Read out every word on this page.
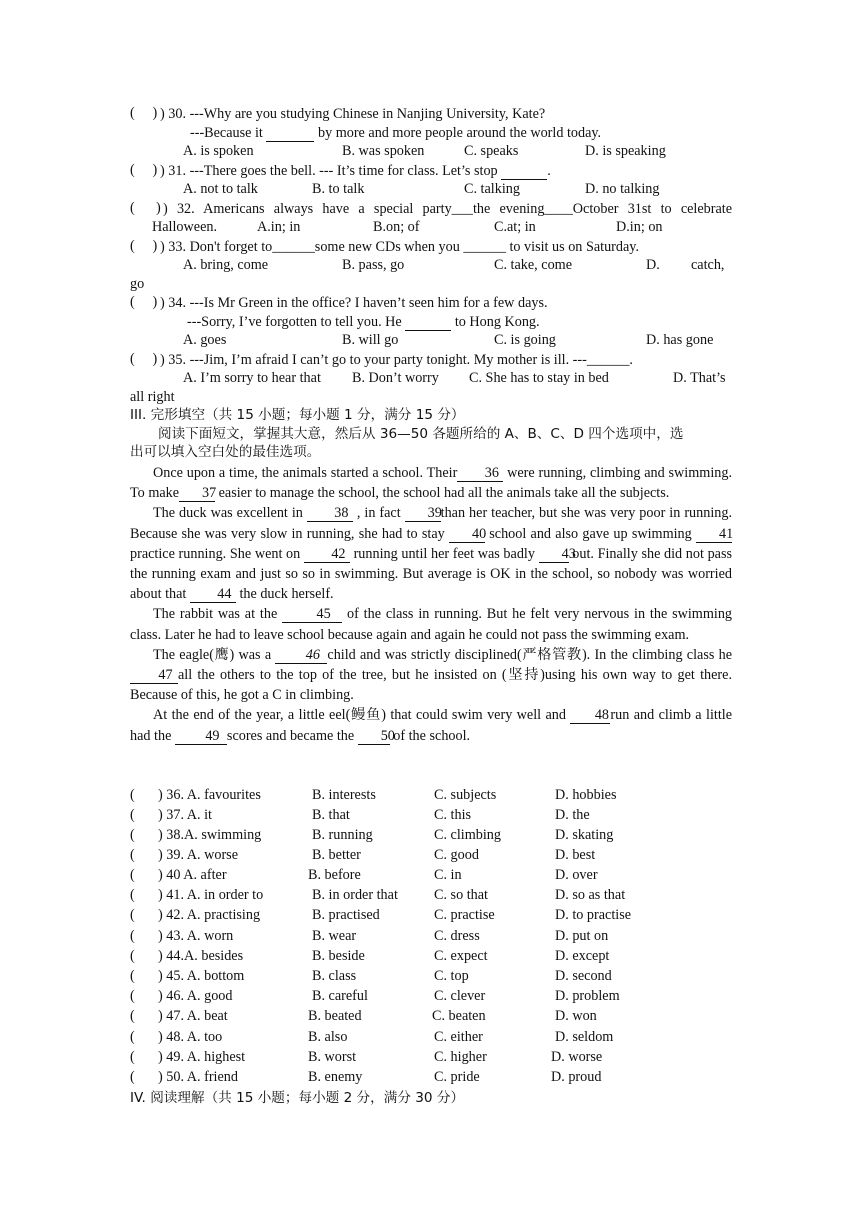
(     ) ) 30. ---Why are you studying Chinese in Nanjing University, Kate?
---Because it	by more and more people around the world today.
A. is spoken	B. was spoken	C. speaks	D. is speaking
(     ) ) 31. ---There goes the bell. --- It’s time for class. Let’s stop	.
A. not to talk	B. to talk	C. talking	D. no talking
(      ) ) 32. Americans always have a special party___the evening____October 31st to celebrate
Halloween.	A.in; in	B.on; of	C.at; in	D.in; on
(     ) ) 33. Don't forget to______some new CDs when you ______ to visit us on Saturday.
A. bring, come	B. pass, go	C. take, come	D. catch,
go
(     ) ) 34. ---Is Mr Green in the office? I haven’t seen him for a few days.
---Sorry, I’ve forgotten to tell you. He	to Hong Kong.
A. goes	B. will go	C. is going	D. has gone
(     ) ) 35. ---Jim, I’m afraid I can’t go to your party tonight. My mother is ill. ---______.
A. I’m sorry to hear that B. Don’t worry C. She has to stay in bed	D. That’s
all right
III. 完形填空（共 15 小题；每小题 1 分，满分 15 分）
阅读下面短文，掌握其大意，然后从 36—50 各题所给的 A、B、C、D 四个选项中，选
出可以填入空白处的最佳选项。
Once upon a time, the animals started a school. Their 36 were running, climbing and swimming. To make 37 easier to manage the school, the school had all the animals take all the subjects.
The duck was excellent in 38 , in fact 39than her teacher, but she was very poor in running. Because she was very slow in running, she had to stay 40 school and also gave up swimming 41 practice running. She went on 42 running until her feet was badly 43 out. Finally she did not pass the running exam and just so so in swimming. But average is OK in the school, so nobody was worried about that 44 the duck herself.
The rabbit was at the	45 of the class in running. But he felt very nervous in the swimming class. Later he had to leave school because again and again he could not pass the swimming exam.
The eagle(鹰) was a 46 child and was strictly disciplined(严格管教). In the climbing class he 47 all the others to the top of the tree, but he insisted on (坚持)using his own way to get there. Because of this, he got a C in climbing.
At the end of the year, a little eel(鳗鱼) that could swim very well and 48run and climb a little had the 49 scores and became the 50 of the school.
( ) 36. A. favourites	B. interests	C. subjects	D. hobbies
( ) 37. A. it	B. that	C. this	D. the
( ) 38.A. swimming	B. running	C. climbing	D. skating
( ) 39. A. worse	B. better	C. good	D. best
( ) 40 A. after	B. before	C. in	D. over
( ) 41. A. in order to	B. in order that	C. so that	D. so as that
( ) 42. A. practising	B. practised	C. practise	D. to practise
( ) 43. A. worn	B. wear	C. dress	D. put on
( ) 44.A. besides	B. beside	C. expect	D. except
( ) 45. A. bottom	B. class	C. top	D. second
( ) 46. A. good	B. careful	C. clever	D. problem
( ) 47. A. beat	B. beated	C. beaten	D. won
( ) 48. A. too	B. also	C. either	D. seldom
( ) 49. A. highest	B. worst	C. higher	D. worse
( ) 50. A. friend	B. enemy	C. pride	D. proud
IV. 阅读理解（共 15 小题；每小题 2 分，满分 30 分）
